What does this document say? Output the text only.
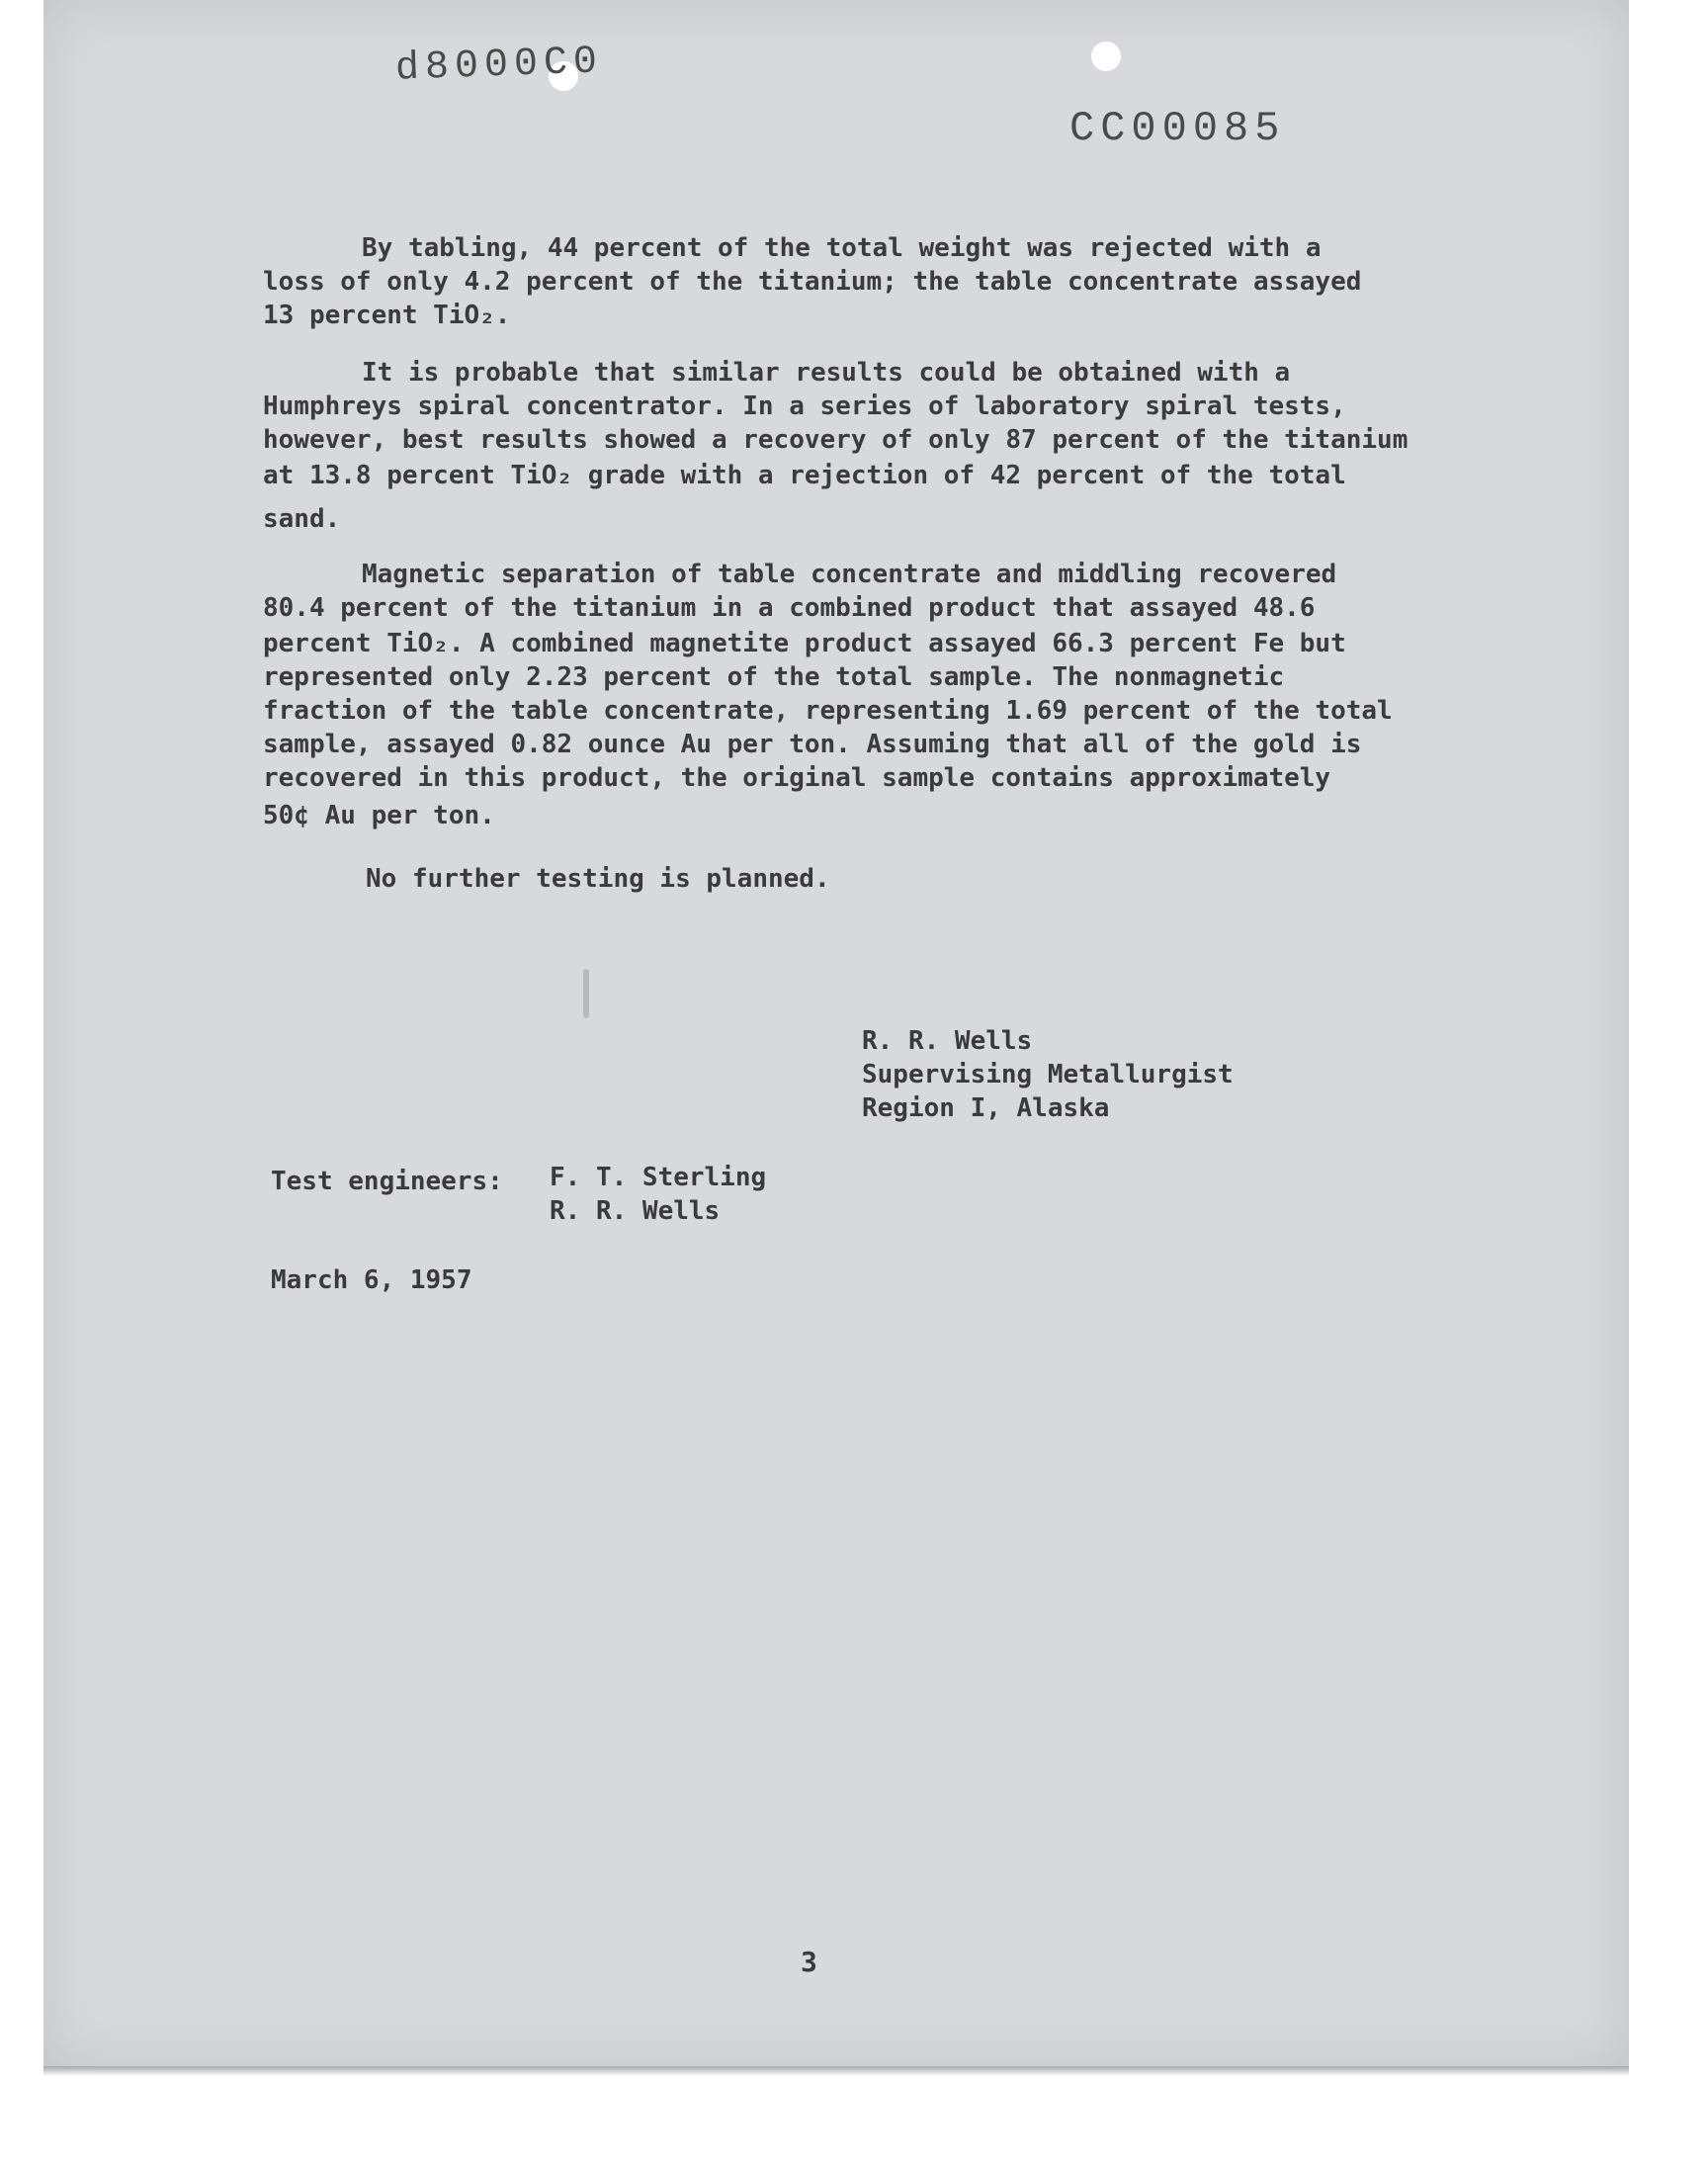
d8000C0
CC00085
By tabling, 44 percent of the total weight was rejected with a
loss of only 4.2 percent of the titanium; the table concentrate assayed
13 percent TiO₂.
It is probable that similar results could be obtained with a
Humphreys spiral concentrator. In a series of laboratory spiral tests,
however, best results showed a recovery of only 87 percent of the titanium
at 13.8 percent TiO₂ grade with a rejection of 42 percent of the total
sand.
Magnetic separation of table concentrate and middling recovered
80.4 percent of the titanium in a combined product that assayed 48.6
percent TiO₂. A combined magnetite product assayed 66.3 percent Fe but
represented only 2.23 percent of the total sample. The nonmagnetic
fraction of the table concentrate, representing 1.69 percent of the total
sample, assayed 0.82 ounce Au per ton. Assuming that all of the gold is
recovered in this product, the original sample contains approximately
50¢ Au per ton.
No further testing is planned.
R. R. Wells
Supervising Metallurgist
Region I, Alaska
Test engineers: F. T. Sterling
R. R. Wells
March 6, 1957
3
